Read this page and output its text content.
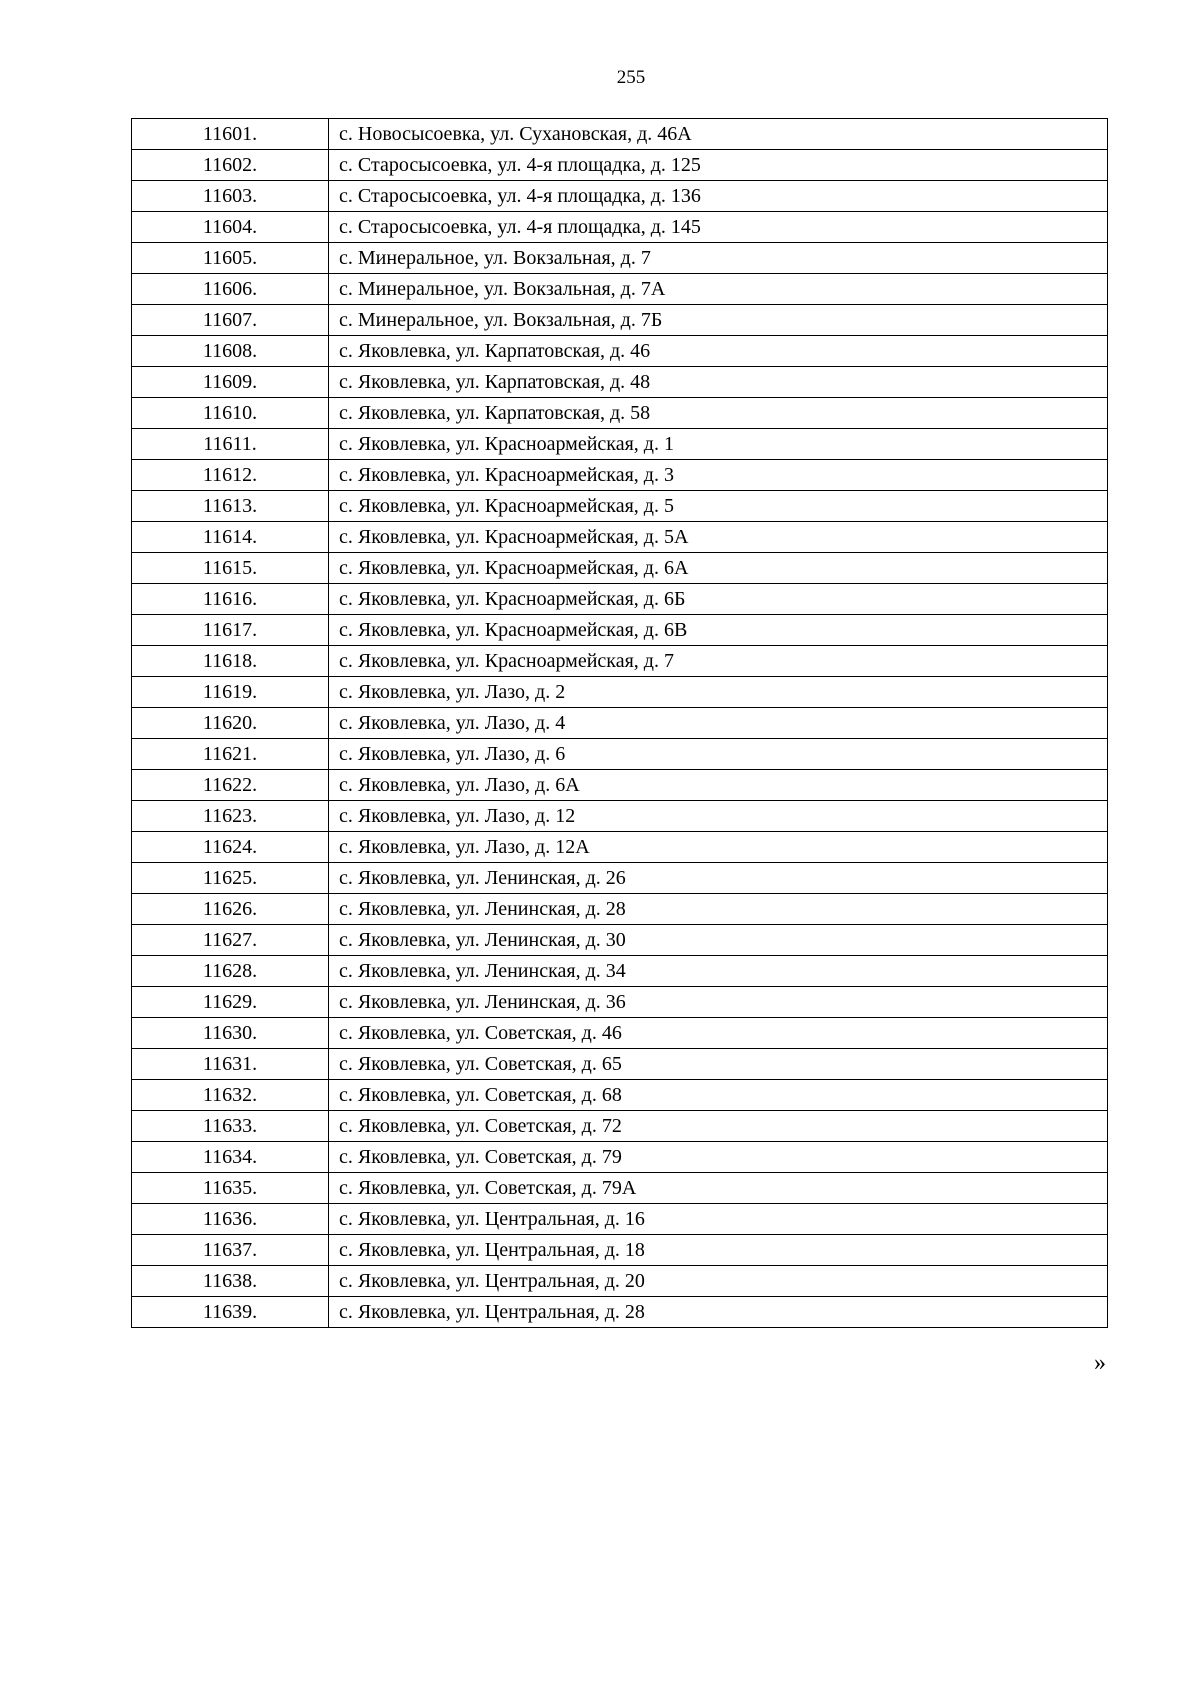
255
11601.	с. Новосысоевка, ул. Сухановская, д. 46А
11602.	с. Старосысоевка, ул. 4-я площадка, д. 125
11603.	с. Старосысоевка, ул. 4-я площадка, д. 136
11604.	с. Старосысоевка, ул. 4-я площадка, д. 145
11605.	с. Минеральное, ул. Вокзальная, д. 7
11606.	с. Минеральное, ул. Вокзальная, д. 7А
11607.	с. Минеральное, ул. Вокзальная, д. 7Б
11608.	с. Яковлевка, ул. Карпатовская, д. 46
11609.	с. Яковлевка, ул. Карпатовская, д. 48
11610.	с. Яковлевка, ул. Карпатовская, д. 58
11611.	с. Яковлевка, ул. Красноармейская, д. 1
11612.	с. Яковлевка, ул. Красноармейская, д. 3
11613.	с. Яковлевка, ул. Красноармейская, д. 5
11614.	с. Яковлевка, ул. Красноармейская, д. 5А
11615.	с. Яковлевка, ул. Красноармейская, д. 6А
11616.	с. Яковлевка, ул. Красноармейская, д. 6Б
11617.	с. Яковлевка, ул. Красноармейская, д. 6В
11618.	с. Яковлевка, ул. Красноармейская, д. 7
11619.	с. Яковлевка, ул. Лазо, д. 2
11620.	с. Яковлевка, ул. Лазо, д. 4
11621.	с. Яковлевка, ул. Лазо, д. 6
11622.	с. Яковлевка, ул. Лазо, д. 6А
11623.	с. Яковлевка, ул. Лазо, д. 12
11624.	с. Яковлевка, ул. Лазо, д. 12А
11625.	с. Яковлевка, ул. Ленинская, д. 26
11626.	с. Яковлевка, ул. Ленинская, д. 28
11627.	с. Яковлевка, ул. Ленинская, д. 30
11628.	с. Яковлевка, ул. Ленинская, д. 34
11629.	с. Яковлевка, ул. Ленинская, д. 36
11630.	с. Яковлевка, ул. Советская, д. 46
11631.	с. Яковлевка, ул. Советская, д. 65
11632.	с. Яковлевка, ул. Советская, д. 68
11633.	с. Яковлевка, ул. Советская, д. 72
11634.	с. Яковлевка, ул. Советская, д. 79
11635.	с. Яковлевка, ул. Советская, д. 79А
11636.	с. Яковлевка, ул. Центральная, д. 16
11637.	с. Яковлевка, ул. Центральная, д. 18
11638.	с. Яковлевка, ул. Центральная, д. 20
11639.	с. Яковлевка, ул. Центральная, д. 28
»
